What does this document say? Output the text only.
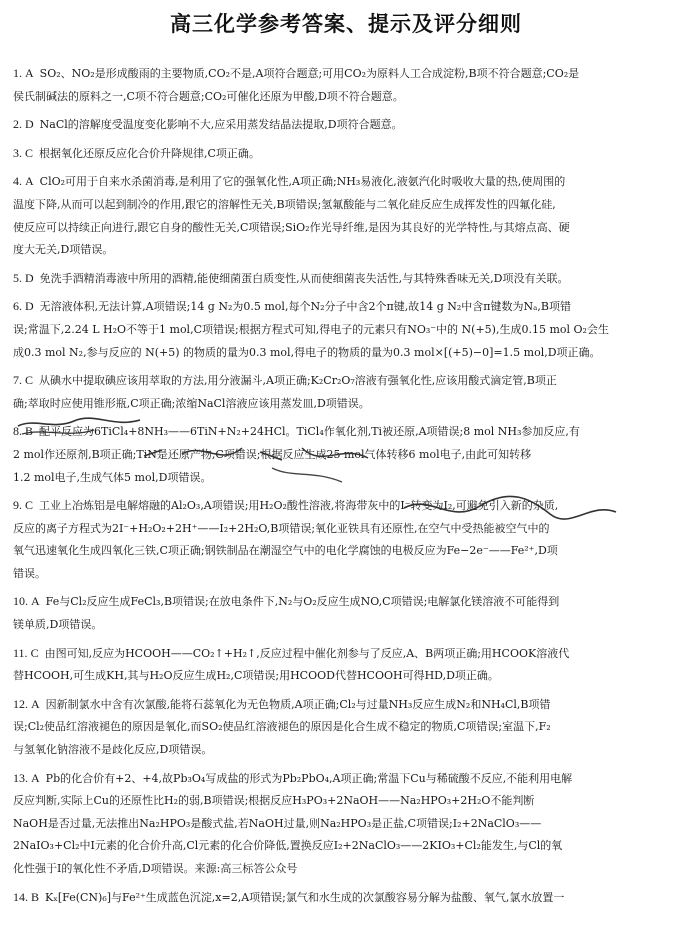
高三化学参考答案、提示及评分细则
1. A SO₂、NO₂是形成酸雨的主要物质,CO₂不是,A项符合题意;可用CO₂为原料人工合成淀粉,B项不符合题意;CO₂是
侯氏制碱法的原料之一,C项不符合题意;CO₂可催化还原为甲酸,D项不符合题意。
2. D NaCl的溶解度受温度变化影响不大,应采用蒸发结晶法提取,D项符合题意。
3. C 根据氧化还原反应化合价升降规律,C项正确。
4. A ClO₂可用于自来水杀菌消毒,是利用了它的强氧化性,A项正确;NH₃易液化,液氨汽化时吸收大量的热,使周围的
温度下降,从而可以起到制冷的作用,跟它的溶解性无关,B项错误;氢氟酸能与二氧化硅反应生成挥发性的四氟化硅,
使反应可以持续正向进行,跟它自身的酸性无关,C项错误;SiO₂作光导纤维,是因为其良好的光学特性,与其熔点高、硬
度大无关,D项错误。
5. D 免洗手酒精消毒液中所用的酒精,能使细菌蛋白质变性,从而使细菌丧失活性,与其特殊香味无关,D项没有关联。
6. D 无溶液体积,无法计算,A项错误;14 g N₂为0.5 mol,每个N₂分子中含2个π键,故14 g N₂中含π键数为Nₐ,B项错
误;常温下,2.24 L H₂O不等于1 mol,C项错误;根据方程式可知,得电子的元素只有NO₃⁻中的 N(+5),生成0.15 mol O₂会生
成0.3 mol N₂,参与反应的 N(+5) 的物质的量为0.3 mol,得电子的物质的量为0.3 mol×[(+5)−0]=1.5 mol,D项正确。
7. C 从碘水中提取碘应该用萃取的方法,用分液漏斗,A项正确;K₂Cr₂O₇溶液有强氧化性,应该用酸式滴定管,B项正
确;萃取时应使用锥形瓶,C项正确;浓缩NaCl溶液应该用蒸发皿,D项错误。
8. B 配平反应为6TiCl₄+8NH₃——6TiN+N₂+24HCl。TiCl₄作氧化剂,Ti被还原,A项错误;8 mol NH₃参加反应,有
2 mol作还原剂,B项正确;TiN是还原产物,C项错误;根据反应生成25 mol气体转移6 mol电子,由此可知转移
1.2 mol电子,生成气体5 mol,D项错误。
9. C 工业上冶炼铝是电解熔融的Al₂O₃,A项错误;用H₂O₂酸性溶液,将海带灰中的I⁻转变为I₂,可避免引入新的杂质,
反应的离子方程式为2I⁻+H₂O₂+2H⁺——I₂+2H₂O,B项错误;氧化亚铁具有还原性,在空气中受热能被空气中的
氧气迅速氧化生成四氧化三铁,C项正确;钢铁制品在潮湿空气中的电化学腐蚀的电极反应为Fe−2e⁻——Fe²⁺,D项
错误。
10. A Fe与Cl₂反应生成FeCl₃,B项错误;在放电条件下,N₂与O₂反应生成NO,C项错误;电解氯化镁溶液不可能得到
镁单质,D项错误。
11. C 由图可知,反应为HCOOH——CO₂↑+H₂↑,反应过程中催化剂参与了反应,A、B两项正确;用HCOOK溶液代
替HCOOH,可生成KH,其与H₂O反应生成H₂,C项错误;用HCOOD代替HCOOH可得HD,D项正确。
12. A 因新制氯水中含有次氯酸,能将石蕊氧化为无色物质,A项正确;Cl₂与过量NH₃反应生成N₂和NH₄Cl,B项错
误;Cl₂使品红溶液褪色的原因是氧化,而SO₂使品红溶液褪色的原因是化合生成不稳定的物质,C项错误;室温下,F₂
与氢氧化钠溶液不是歧化反应,D项错误。
13. A Pb的化合价有+2、+4,故Pb₃O₄写成盐的形式为Pb₂PbO₄,A项正确;常温下Cu与稀硫酸不反应,不能利用电解
反应判断,实际上Cu的还原性比H₂的弱,B项错误;根据反应H₃PO₃+2NaOH——Na₂HPO₃+2H₂O不能判断
NaOH是否过量,无法推出Na₂HPO₃是酸式盐,若NaOH过量,则Na₂HPO₃是正盐,C项错误;I₂+2NaClO₃——
2NaIO₃+Cl₂中I元素的化合价升高,Cl元素的化合价降低,置换反应I₂+2NaClO₃——2KIO₃+Cl₂能发生,与Cl的氧
化性强于I的氧化性不矛盾,D项错误。来源:高三标答公众号
14. B Kₓ[Fe(CN)₆]与Fe²⁺生成蓝色沉淀,x=2,A项错误;氯气和水生成的次氯酸容易分解为盐酸、氧气,氯水放置一
